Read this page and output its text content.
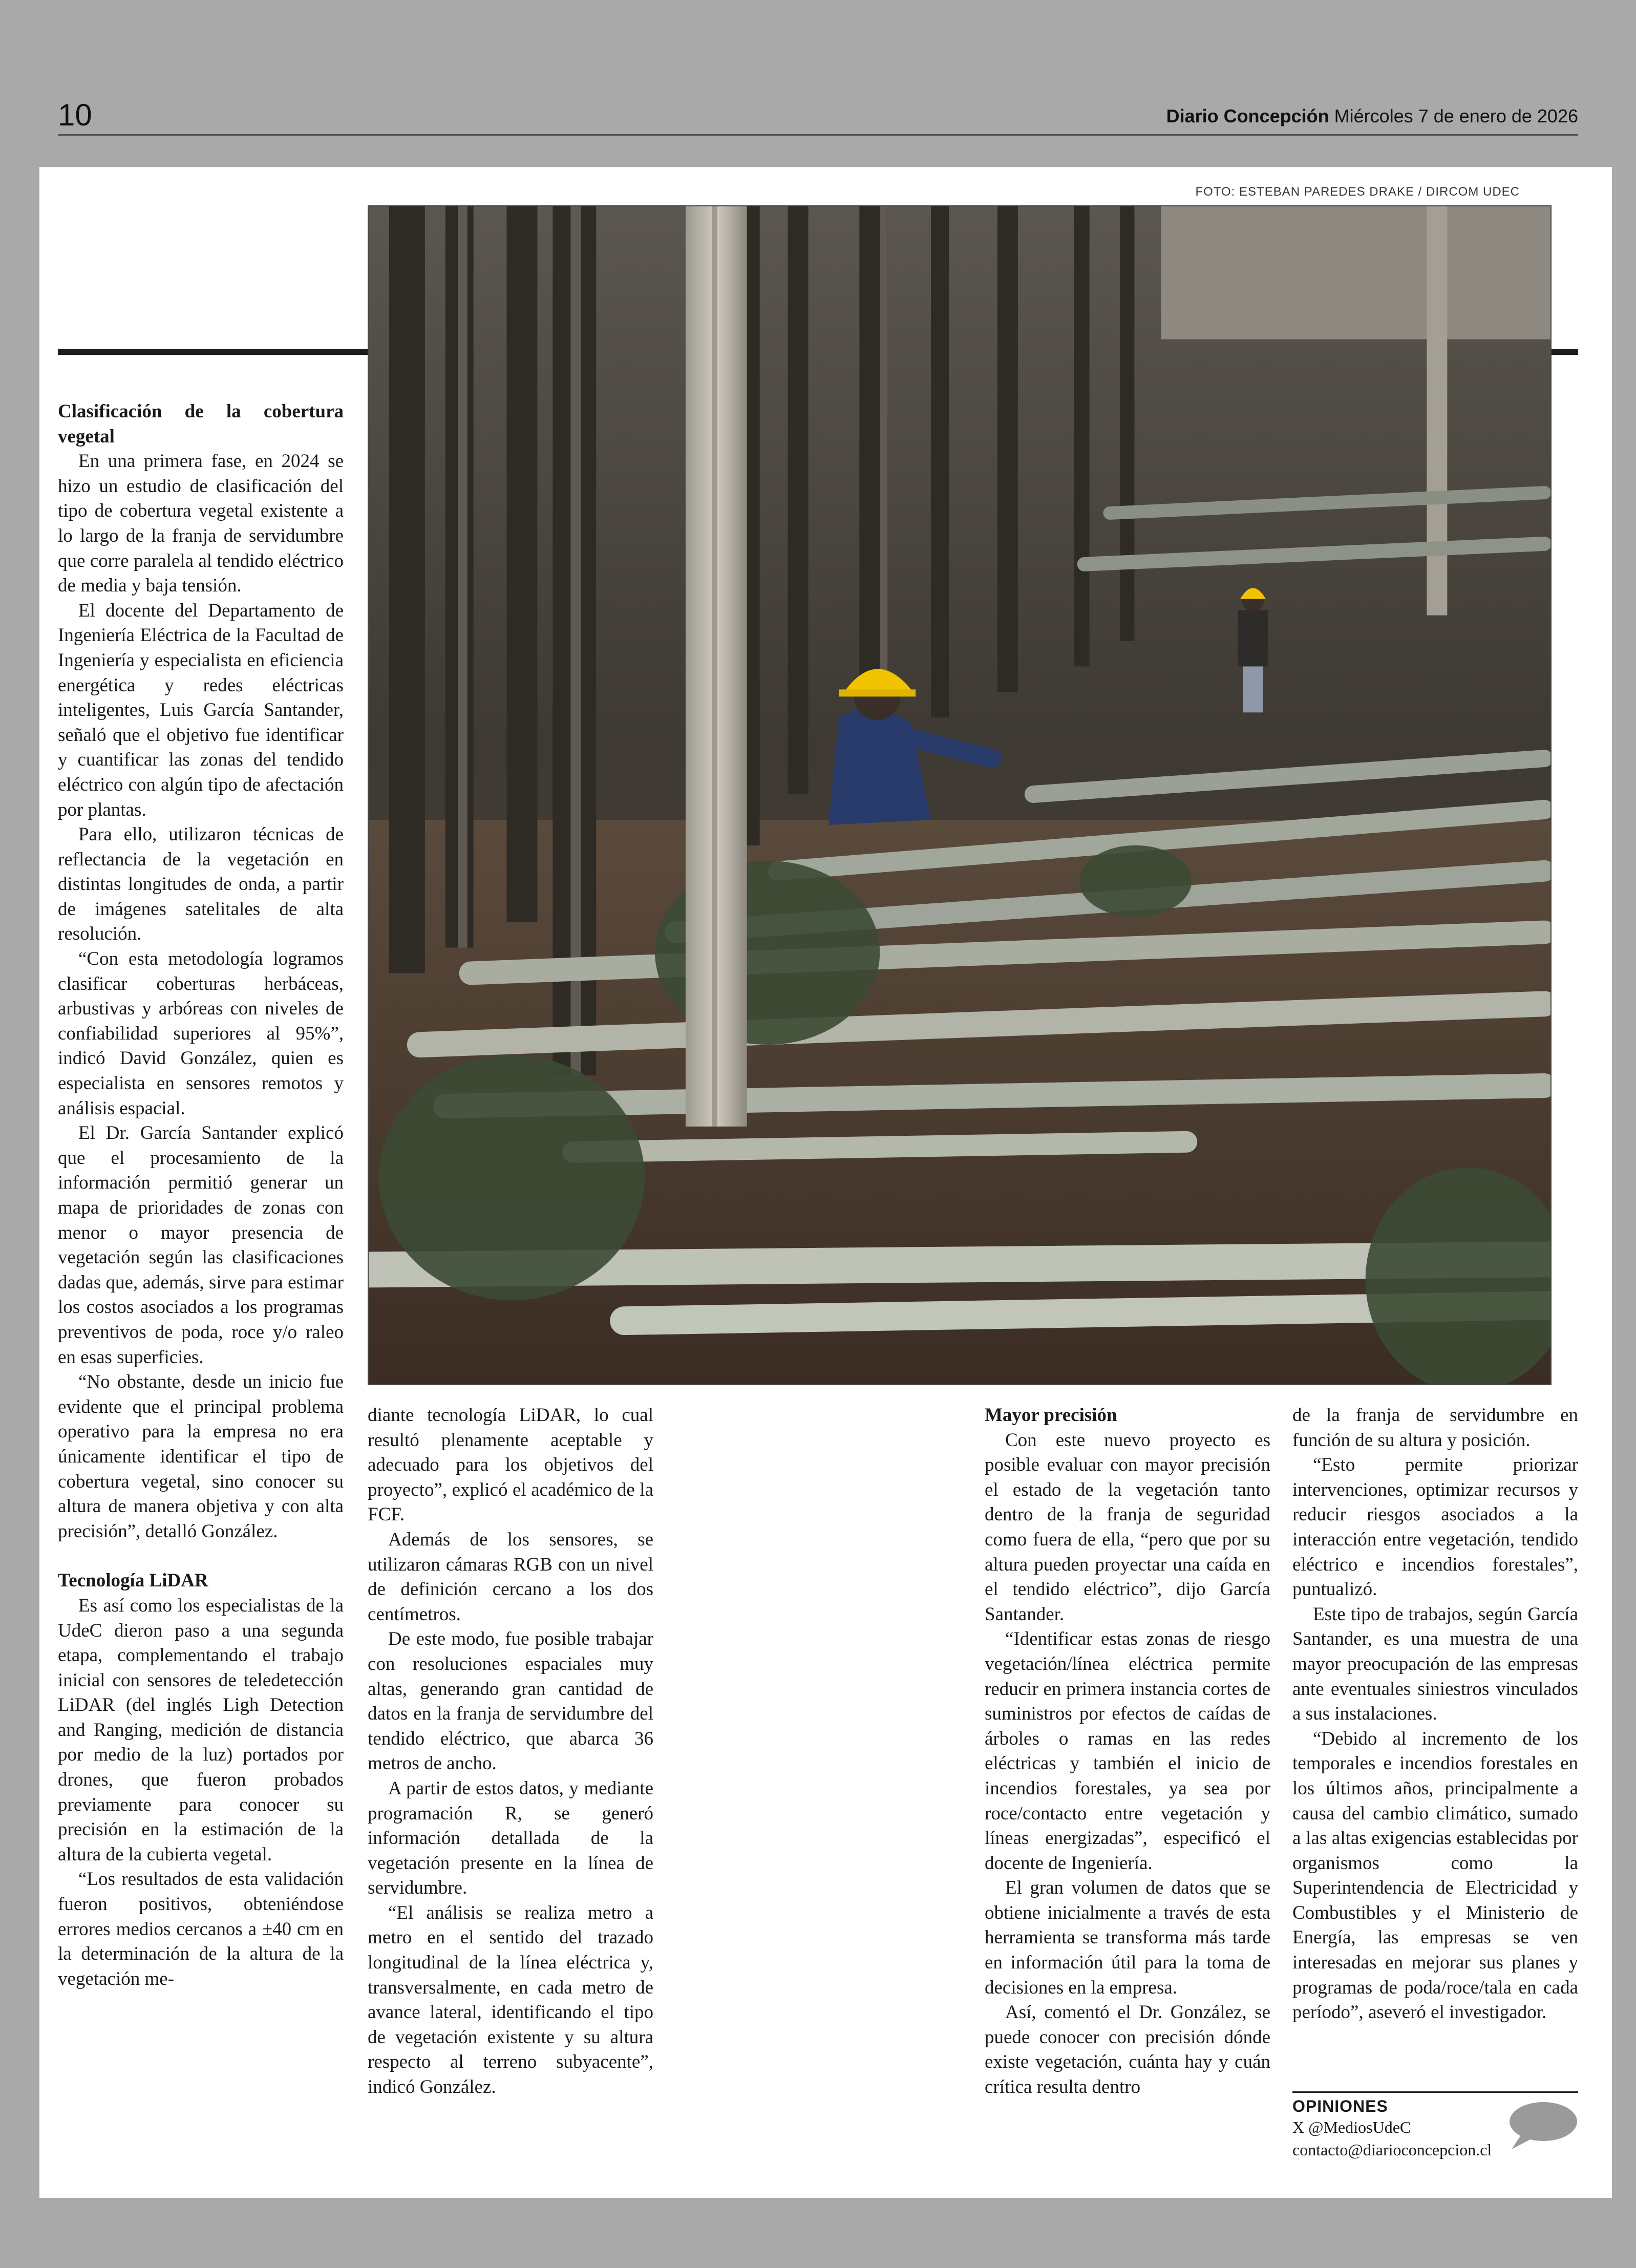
10	Diario Concepción Miércoles 7 de enero de 2026
FOTO: ESTEBAN PAREDES DRAKE / DIRCOM UDEC
Clasificación de la cobertura vegetal

En una primera fase, en 2024 se hizo un estudio de clasificación del tipo de cobertura vegetal existente a lo largo de la franja de servidumbre que corre paralela al tendido eléctrico de media y baja tensión.

El docente del Departamento de Ingeniería Eléctrica de la Facultad de Ingeniería y especialista en eficiencia energética y redes eléctricas inteligentes, Luis García Santander, señaló que el objetivo fue identificar y cuantificar las zonas del tendido eléctrico con algún tipo de afectación por plantas.

Para ello, utilizaron técnicas de reflectancia de la vegetación en distintas longitudes de onda, a partir de imágenes satelitales de alta resolución.

“Con esta metodología logramos clasificar coberturas herbáceas, arbustivas y arbóreas con niveles de confiabilidad superiores al 95%”, indicó David González, quien es especialista en sensores remotos y análisis espacial.

El Dr. García Santander explicó que el procesamiento de la información permitió generar un mapa de prioridades de zonas con menor o mayor presencia de vegetación según las clasificaciones dadas que, además, sirve para estimar los costos asociados a los programas preventivos de poda, roce y/o raleo en esas superficies.

“No obstante, desde un inicio fue evidente que el principal problema operativo para la empresa no era únicamente identificar el tipo de cobertura vegetal, sino conocer su altura de manera objetiva y con alta precisión”, detalló González.

Tecnología LiDAR

Es así como los especialistas de la UdeC dieron paso a una segunda etapa, complementando el trabajo inicial con sensores de teledetección LiDAR (del inglés Ligh Detection and Ranging, medición de distancia por medio de la luz) portados por drones, que fueron probados previamente para conocer su precisión en la estimación de la altura de la cubierta vegetal.

“Los resultados de esta validación fueron positivos, obteniéndose errores medios cercanos a ±40 cm en la determinación de la altura de la vegetación me-

diante tecnología LiDAR, lo cual resultó plenamente aceptable y adecuado para los objetivos del proyecto”, explicó el académico de la FCF.

Además de los sensores, se utilizaron cámaras RGB con un nivel de definición cercano a los dos centímetros.

De este modo, fue posible trabajar con resoluciones espaciales muy altas, generando gran cantidad de datos en la franja de servidumbre del tendido eléctrico, que abarca 36 metros de ancho.

A partir de estos datos, y mediante programación R, se generó información detallada de la vegetación presente en la línea de servidumbre.

“El análisis se realiza metro a metro en el sentido del trazado longitudinal de la línea eléctrica y, transversalmente, en cada metro de avance lateral, identificando el tipo de vegetación existente y su altura respecto al terreno subyacente”, indicó González.

Mayor precisión

Con este nuevo proyecto es posible evaluar con mayor precisión el estado de la vegetación tanto dentro de la franja de seguridad como fuera de ella, “pero que por su altura pueden proyectar una caída en el tendido eléctrico”, dijo García Santander.

“Identificar estas zonas de riesgo vegetación/línea eléctrica permite reducir en primera instancia cortes de suministros por efectos de caídas de árboles o ramas en las redes eléctricas y también el inicio de incendios forestales, ya sea por roce/contacto entre vegetación y líneas energizadas”, especificó el docente de Ingeniería.

El gran volumen de datos que se obtiene inicialmente a través de esta herramienta se transforma más tarde en información útil para la toma de decisiones en la empresa.

Así, comentó el Dr. González, se puede conocer con precisión dónde existe vegetación, cuánta hay y cuán crítica resulta dentro

de la franja de servidumbre en función de su altura y posición.

“Esto permite priorizar intervenciones, optimizar recursos y reducir riesgos asociados a la interacción entre vegetación, tendido eléctrico e incendios forestales”, puntualizó.

Este tipo de trabajos, según García Santander, es una muestra de una mayor preocupación de las empresas ante eventuales siniestros vinculados a sus instalaciones.

“Debido al incremento de los temporales e incendios forestales en los últimos años, principalmente a causa del cambio climático, sumado a las altas exigencias establecidas por organismos como la Superintendencia de Electricidad y Combustibles y el Ministerio de Energía, las empresas se ven interesadas en mejorar sus planes y programas de poda/roce/tala en cada período”, aseveró el investigador.

OPINIONES
X @MediosUdeC
contacto@diarioconcepcion.cl
